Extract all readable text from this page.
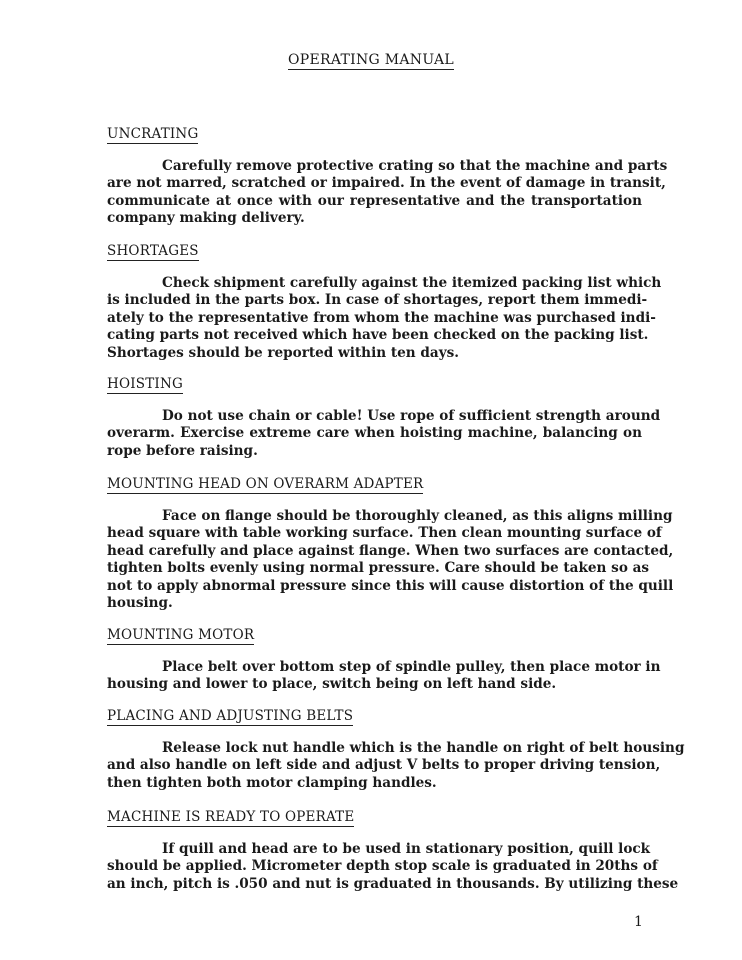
OPERATING MANUAL
UNCRATING
Carefully remove protective crating so that the machine and parts
are not marred, scratched or impaired. In the event of damage in transit,
communicate at once with our representative and the transportation
company making delivery.
SHORTAGES
Check shipment carefully against the itemized packing list which
is included in the parts box. In case of shortages, report them immedi-
ately to the representative from whom the machine was purchased indi-
cating parts not received which have been checked on the packing list.
Shortages should be reported within ten days.
HOISTING
Do not use chain or cable! Use rope of sufficient strength around
overarm. Exercise extreme care when hoisting machine, balancing on
rope before raising.
MOUNTING HEAD ON OVERARM ADAPTER
Face on flange should be thoroughly cleaned, as this aligns milling
head square with table working surface. Then clean mounting surface of
head carefully and place against flange. When two surfaces are contacted,
tighten bolts evenly using normal pressure. Care should be taken so as
not to apply abnormal pressure since this will cause distortion of the quill
housing.
MOUNTING MOTOR
Place belt over bottom step of spindle pulley, then place motor in
housing and lower to place, switch being on left hand side.
PLACING AND ADJUSTING BELTS
Release lock nut handle which is the handle on right of belt housing
and also handle on left side and adjust V belts to proper driving tension,
then tighten both motor clamping handles.
MACHINE IS READY TO OPERATE
If quill and head are to be used in stationary position, quill lock
should be applied. Micrometer depth stop scale is graduated in 20ths of
an inch, pitch is .050 and nut is graduated in thousands. By utilizing these
1
